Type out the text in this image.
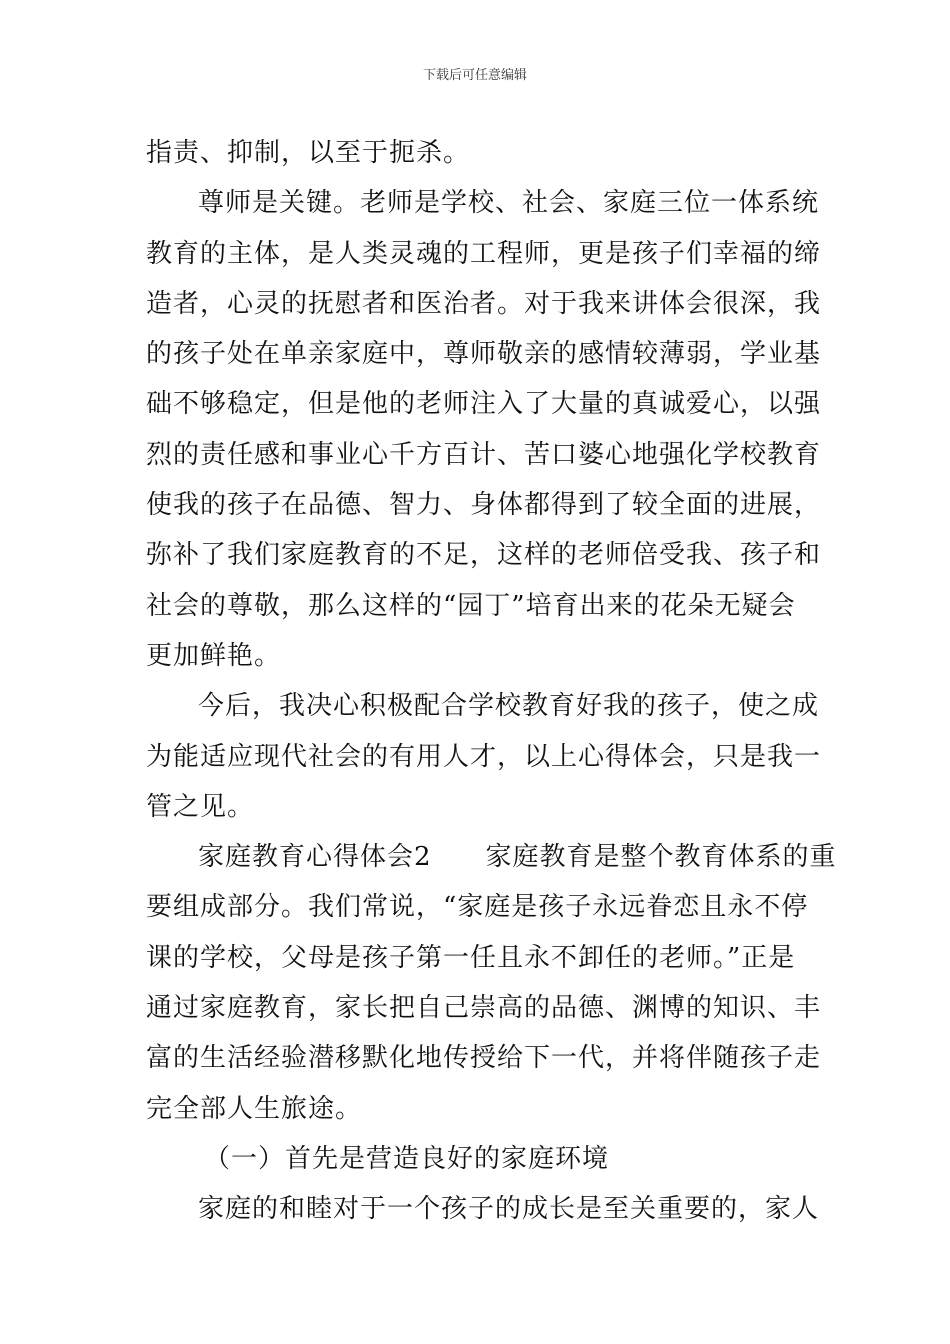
下载后可任意编辑
指责、抑制，以至于扼杀。
尊师是关键。老师是学校、社会、家庭三位一体系统
教育的主体，是人类灵魂的工程师，更是孩子们幸福的缔
造者，心灵的抚慰者和医治者。对于我来讲体会很深，我
的孩子处在单亲家庭中，尊师敬亲的感情较薄弱，学业基
础不够稳定，但是他的老师注入了大量的真诚爱心，以强
烈的责任感和事业心千方百计、苦口婆心地强化学校教育
使我的孩子在品德、智力、身体都得到了较全面的进展，
弥补了我们家庭教育的不足，这样的老师倍受我、孩子和
社会的尊敬，那么这样的“园丁”培育出来的花朵无疑会
更加鲜艳。
今后，我决心积极配合学校教育好我的孩子，使之成
为能适应现代社会的有用人才，以上心得体会，只是我一
管之见。
家庭教育心得体会2　　家庭教育是整个教育体系的重
要组成部分。我们常说，“家庭是孩子永远眷恋且永不停
课的学校，父母是孩子第一任且永不卸任的老师。”正是
通过家庭教育，家长把自己崇高的品德、渊博的知识、丰
富的生活经验潜移默化地传授给下一代，并将伴随孩子走
完全部人生旅途。
（一）首先是营造良好的家庭环境
家庭的和睦对于一个孩子的成长是至关重要的，家人
